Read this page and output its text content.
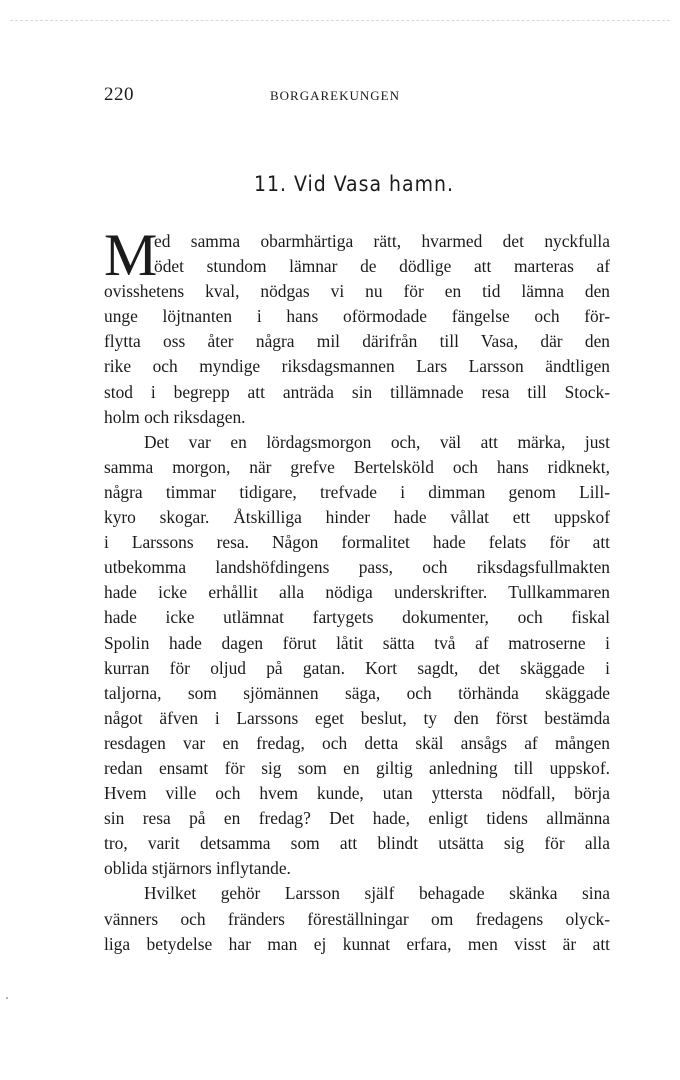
220	BORGAREKUNGEN
11. Vid Vasa hamn.
M
ed samma obarmhärtiga rätt, hvarmed det nyckfulla
ödet stundom lämnar de dödlige att marteras af
ovisshetens kval, nödgas vi nu för en tid lämna den
unge löjtnanten i hans oförmodade fängelse och för-
flytta oss åter några mil därifrån till Vasa, där den
rike och myndige riksdagsmannen Lars Larsson ändtligen
stod i begrepp att anträda sin tillämnade resa till Stock-
holm och riksdagen.
Det var en lördagsmorgon och, väl att märka, just
samma morgon, när grefve Bertelsköld och hans ridknekt,
några timmar tidigare, trefvade i dimman genom Lill-
kyro skogar. Åtskilliga hinder hade vållat ett uppskof
i Larssons resa. Någon formalitet hade felats för att
utbekomma landshöfdingens pass, och riksdagsfullmakten
hade icke erhållit alla nödiga underskrifter. Tullkammaren
hade icke utlämnat fartygets dokumenter, och fiskal
Spolin hade dagen förut låtit sätta två af matroserne i
kurran för oljud på gatan. Kort sagdt, det skäggade i
taljorna, som sjömännen säga, och törhända skäggade
något äfven i Larssons eget beslut, ty den först bestämda
resdagen var en fredag, och detta skäl ansågs af mången
redan ensamt för sig som en giltig anledning till uppskof.
Hvem ville och hvem kunde, utan yttersta nödfall, börja
sin resa på en fredag? Det hade, enligt tidens allmänna
tro, varit detsamma som att blindt utsätta sig för alla
oblida stjärnors inflytande.
Hvilket gehör Larsson själf behagade skänka sina
vänners och fränders föreställningar om fredagens olyck-
liga betydelse har man ej kunnat erfara, men visst är att
